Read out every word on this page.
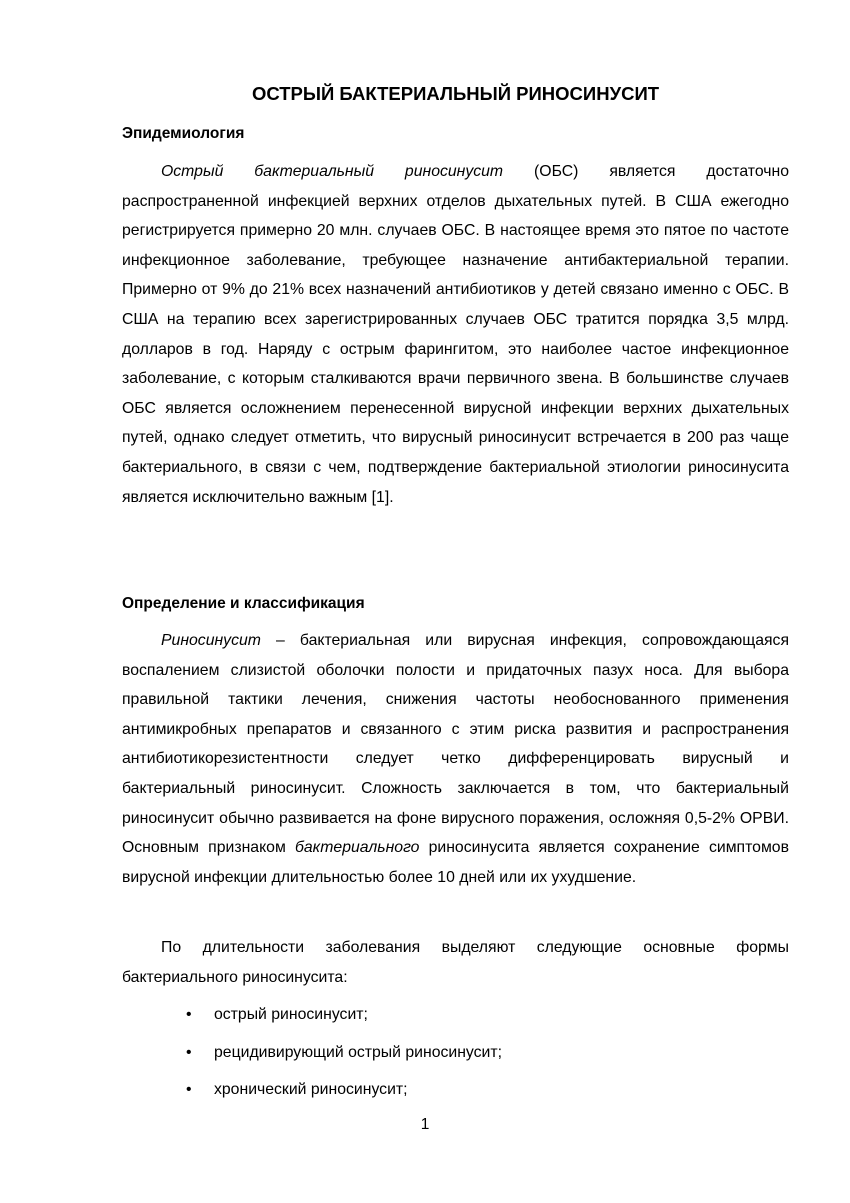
ОСТРЫЙ БАКТЕРИАЛЬНЫЙ РИНОСИНУСИТ
Эпидемиология

Острый бактериальный риносинусит (ОБС) является достаточно распространенной инфекцией верхних отделов дыхательных путей. В США ежегодно регистрируется примерно 20 млн. случаев ОБС. В настоящее время это пятое по частоте инфекционное заболевание, требующее назначение антибактериальной терапии. Примерно от 9% до 21% всех назначений антибиотиков у детей связано именно с ОБС. В США на терапию всех зарегистрированных случаев ОБС тратится порядка 3,5 млрд. долларов в год. Наряду с острым фарингитом, это наиболее частое инфекционное заболевание, с которым сталкиваются врачи первичного звена. В большинстве случаев ОБС является осложнением перенесенной вирусной инфекции верхних дыхательных путей, однако следует отметить, что вирусный риносинусит встречается в 200 раз чаще бактериального, в связи с чем, подтверждение бактериальной этиологии риносинусита является исключительно важным [1].

Определение и классификация

Риносинусит – бактериальная или вирусная инфекция, сопровождающаяся воспалением слизистой оболочки полости и придаточных пазух носа. Для выбора правильной тактики лечения, снижения частоты необоснованного применения антимикробных препаратов и связанного с этим риска развития и распространения антибиотикорезистентности следует четко дифференцировать вирусный и бактериальный риносинусит. Сложность заключается в том, что бактериальный риносинусит обычно развивается на фоне вирусного поражения, осложняя 0,5-2% ОРВИ. Основным признаком бактериального риносинусита является сохранение симптомов вирусной инфекции длительностью более 10 дней или их ухудшение.

По длительности заболевания выделяют следующие основные формы бактериального риносинусита:

• острый риносинусит;
• рецидивирующий острый риносинусит;
• хронический риносинусит;
1
